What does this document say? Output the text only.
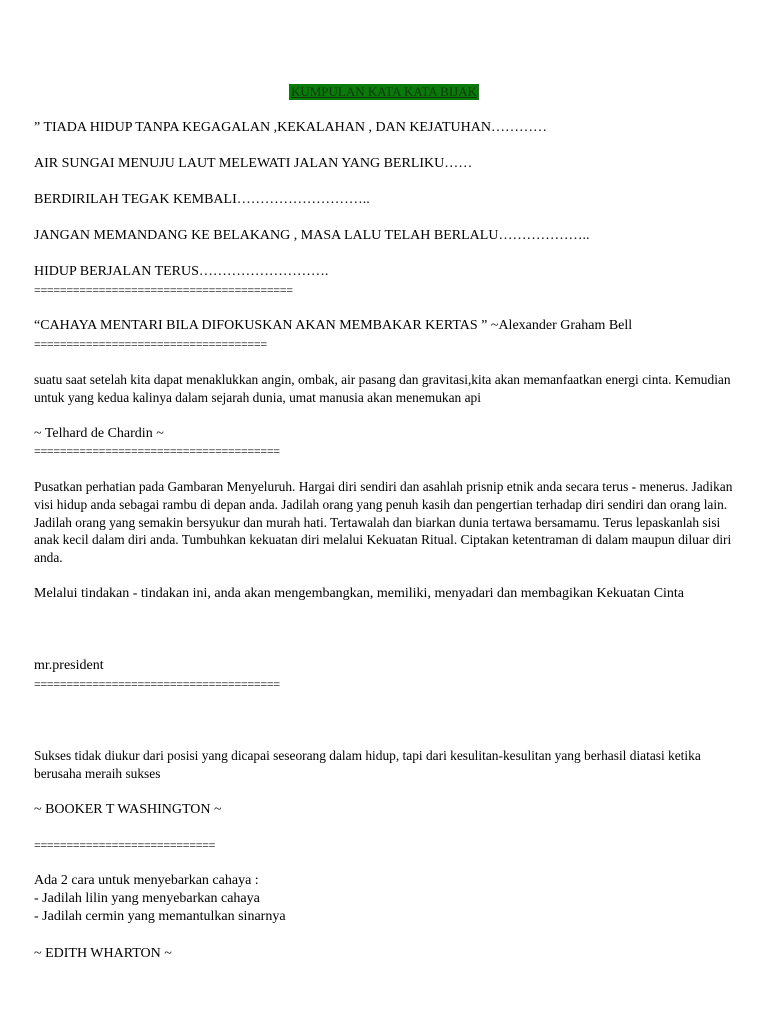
KUMPULAN KATA KATA BIJAK
” TIADA HIDUP TANPA KEGAGALAN ,KEKALAHAN , DAN KEJATUHAN…………
AIR SUNGAI MENUJU LAUT MELEWATI JALAN YANG BERLIKU……
BERDIRILAH TEGAK KEMBALI………………………..
JANGAN MEMANDANG KE BELAKANG , MASA LALU TELAH BERLALU………………..
HIDUP BERJALAN TERUS……………………….
========================================
“CAHAYA MENTARI BILA DIFOKUSKAN AKAN MEMBAKAR KERTAS ” ~Alexander Graham Bell
====================================
suatu saat setelah kita dapat menaklukkan angin, ombak, air pasang dan gravitasi,kita akan memanfaatkan energi cinta. Kemudian untuk yang kedua kalinya dalam sejarah dunia, umat manusia akan menemukan api
~ Telhard de Chardin ~
======================================
Pusatkan perhatian pada Gambaran Menyeluruh. Hargai diri sendiri dan asahlah prisnip etnik anda secara terus - menerus. Jadikan visi hidup anda sebagai rambu di depan anda. Jadilah orang yang penuh kasih dan pengertian terhadap diri sendiri dan orang lain. Jadilah orang yang semakin bersyukur dan murah hati. Tertawalah dan biarkan dunia tertawa bersamamu. Terus lepaskanlah sisi anak kecil dalam diri anda. Tumbuhkan kekuatan diri melalui Kekuatan Ritual. Ciptakan ketentraman di dalam maupun diluar diri anda.
Melalui tindakan - tindakan ini, anda akan mengembangkan, memiliki, menyadari dan membagikan Kekuatan Cinta
mr.president
======================================
Sukses tidak diukur dari posisi yang dicapai seseorang dalam hidup, tapi dari kesulitan-kesulitan yang berhasil diatasi ketika berusaha meraih sukses
~ BOOKER T WASHINGTON ~
============================
Ada 2 cara untuk menyebarkan cahaya :
- Jadilah lilin yang menyebarkan cahaya
- Jadilah cermin yang memantulkan sinarnya
~ EDITH WHARTON ~
